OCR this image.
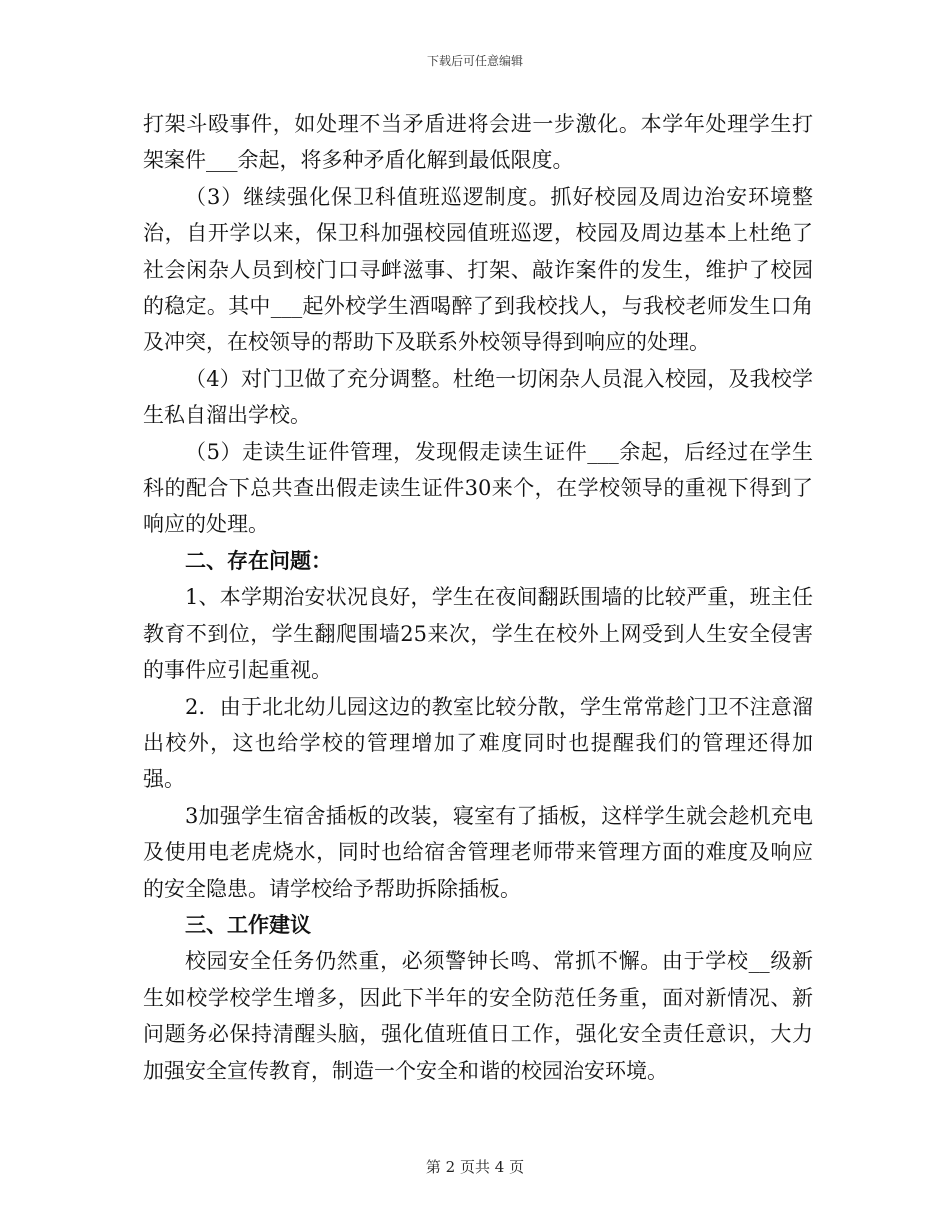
下载后可任意编辑

打架斗殴事件，如处理不当矛盾进将会进一步激化。本学年处理学生打架案件___余起，将多种矛盾化解到最低限度。

（3）继续强化保卫科值班巡逻制度。抓好校园及周边治安环境整治，自开学以来，保卫科加强校园值班巡逻，校园及周边基本上杜绝了社会闲杂人员到校门口寻衅滋事、打架、敲诈案件的发生，维护了校园的稳定。其中___起外校学生酒喝醉了到我校找人，与我校老师发生口角及冲突，在校领导的帮助下及联系外校领导得到响应的处理。

（4）对门卫做了充分调整。杜绝一切闲杂人员混入校园，及我校学生私自溜出学校。

（5）走读生证件管理，发现假走读生证件___余起，后经过在学生科的配合下总共查出假走读生证件30来个，在学校领导的重视下得到了响应的处理。

二、存在问题：

1、本学期治安状况良好，学生在夜间翻跃围墙的比较严重，班主任教育不到位，学生翻爬围墙25来次，学生在校外上网受到人生安全侵害的事件应引起重视。

2．由于北北幼儿园这边的教室比较分散，学生常常趁门卫不注意溜出校外，这也给学校的管理增加了难度同时也提醒我们的管理还得加强。

3加强学生宿舍插板的改装，寝室有了插板，这样学生就会趁机充电及使用电老虎烧水，同时也给宿舍管理老师带来管理方面的难度及响应的安全隐患。请学校给予帮助拆除插板。

三、工作建议

校园安全任务仍然重，必须警钟长鸣、常抓不懈。由于学校__级新生如校学校学生增多，因此下半年的安全防范任务重，面对新情况、新问题务必保持清醒头脑，强化值班值日工作，强化安全责任意识，大力加强安全宣传教育，制造一个安全和谐的校园治安环境。

第 2 页共 4 页
